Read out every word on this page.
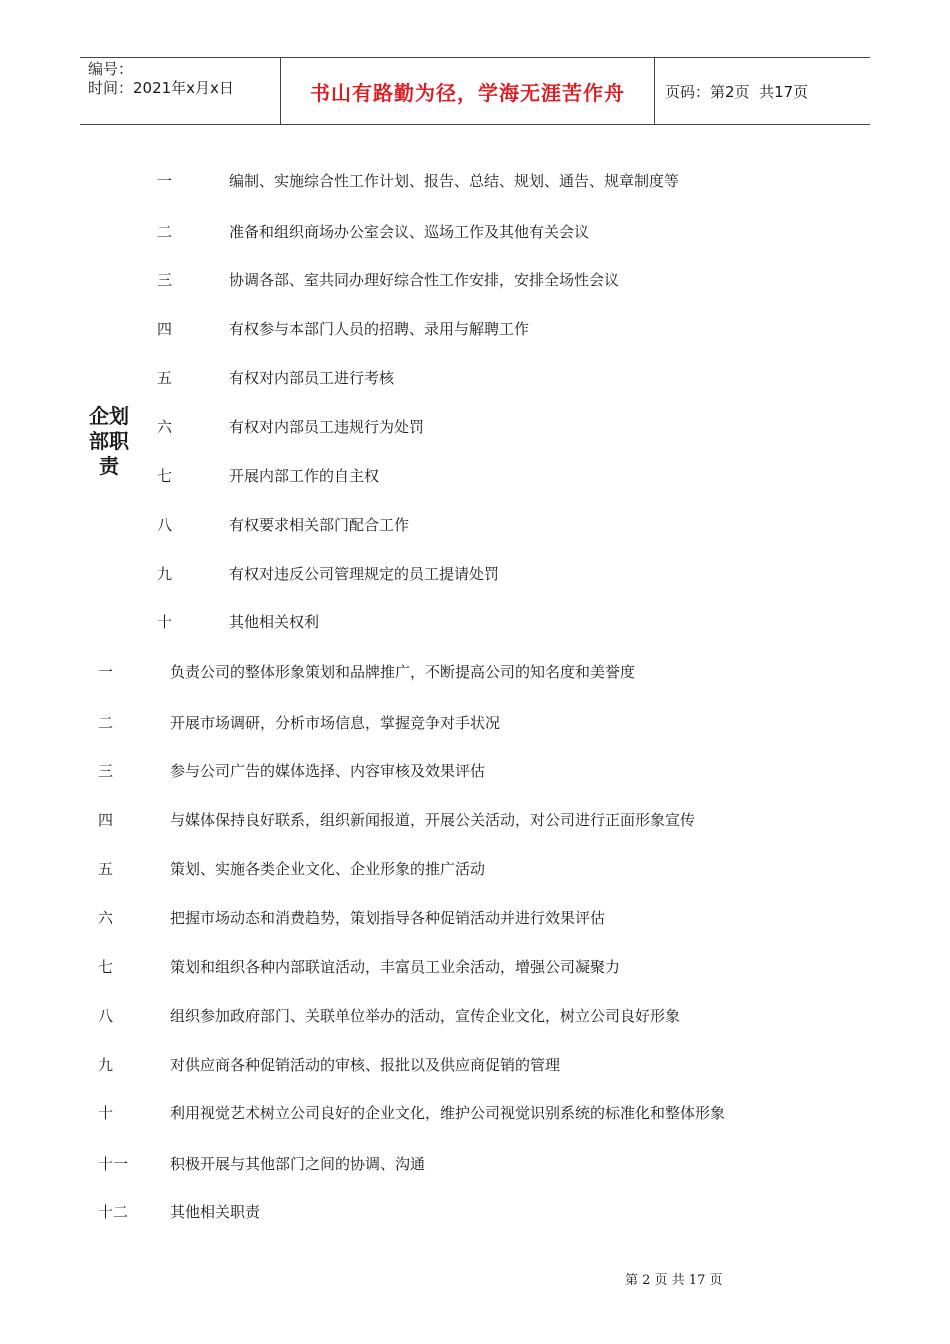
编号：
时间：2021年x月x日	书山有路勤为径，学海无涯苦作舟	页码：第2页  共17页
企划部职责
一	编制、实施综合性工作计划、报告、总结、规划、通告、规章制度等
二	准备和组织商场办公室会议、巡场工作及其他有关会议
三	协调各部、室共同办理好综合性工作安排，安排全场性会议
四	有权参与本部门人员的招聘、录用与解聘工作
五	有权对内部员工进行考核
六	有权对内部员工违规行为处罚
七	开展内部工作的自主权
八	有权要求相关部门配合工作
九	有权对违反公司管理规定的员工提请处罚
十	其他相关权利
一	负责公司的整体形象策划和品牌推广，不断提高公司的知名度和美誉度
二	开展市场调研，分析市场信息，掌握竞争对手状况
三	参与公司广告的媒体选择、内容审核及效果评估
四	与媒体保持良好联系，组织新闻报道，开展公关活动，对公司进行正面形象宣传
五	策划、实施各类企业文化、企业形象的推广活动
六	把握市场动态和消费趋势，策划指导各种促销活动并进行效果评估
七	策划和组织各种内部联谊活动，丰富员工业余活动，增强公司凝聚力
八	组织参加政府部门、关联单位举办的活动，宣传企业文化，树立公司良好形象
九	对供应商各种促销活动的审核、报批以及供应商促销的管理
十	利用视觉艺术树立公司良好的企业文化，维护公司视觉识别系统的标准化和整体形象
十一	积极开展与其他部门之间的协调、沟通
十二	其他相关职责
第 2 页 共 17 页
